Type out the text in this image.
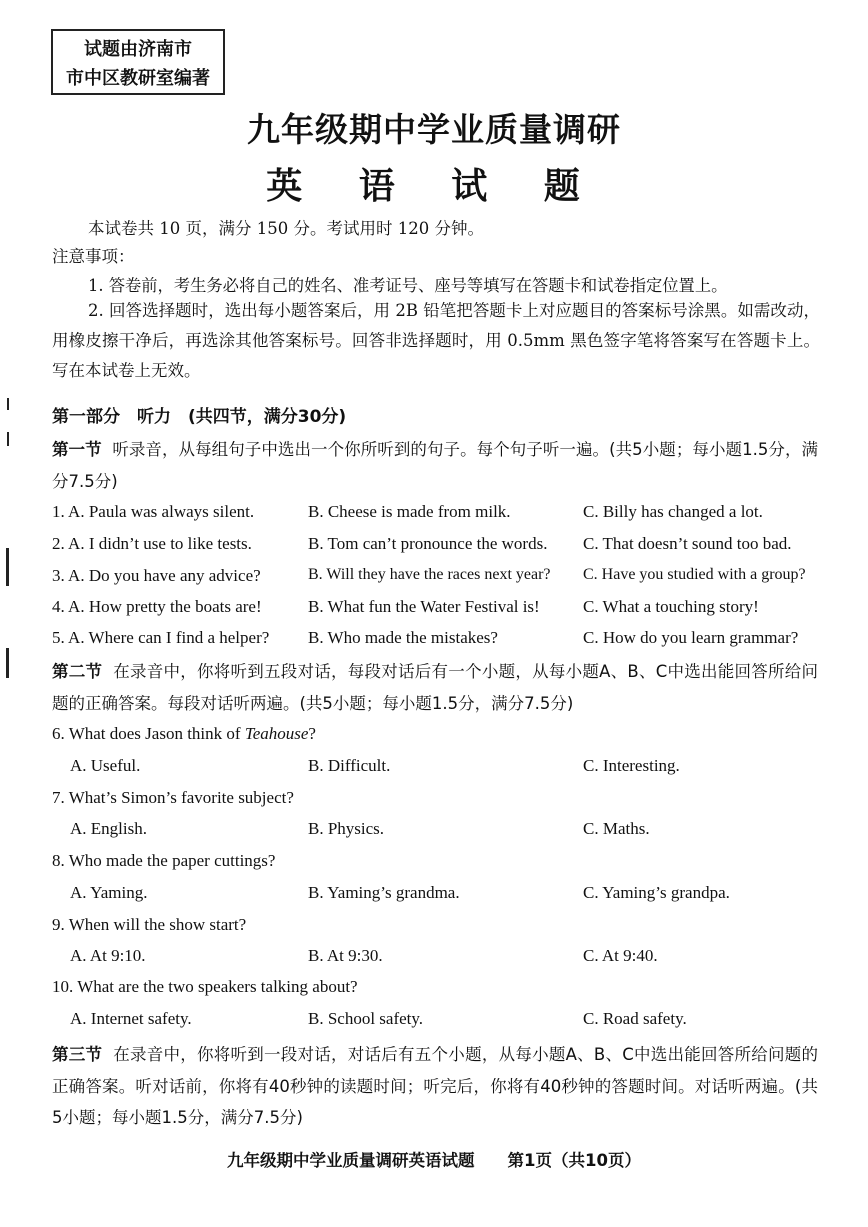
试题由济南市
市中区教研室编著
九年级期中学业质量调研
英 语 试 题
本试卷共 10 页，满分 150 分。考试用时 120 分钟。
注意事项：
1. 答卷前，考生务必将自己的姓名、准考证号、座号等填写在答题卡和试卷指定位置上。
2. 回答选择题时，选出每小题答案后，用 2B 铅笔把答题卡上对应题目的答案标号涂黑。如需改动，用橡皮擦干净后，再选涂其他答案标号。回答非选择题时，用 0.5mm 黑色签字笔将答案写在答题卡上。写在本试卷上无效。
第一部分　听力　(共四节，满分30分)
第一节 听录音，从每组句子中选出一个你所听到的句子。每个句子听一遍。(共5小题；每小题1.5分，满分7.5分)
1. A. Paula was always silent.	B. Cheese is made from milk.	C. Billy has changed a lot.
2. A. I didn’t use to like tests.	B. Tom can’t pronounce the words. C. That doesn’t sound too bad.
3. A. Do you have any advice?	B. Will they have the races next year? C. Have you studied with a group?
4. A. How pretty the boats are!	B. What fun the Water Festival is!	C. What a touching story!
5. A. Where can I find a helper? B. Who made the mistakes?	C. How do you learn grammar?
第二节 在录音中，你将听到五段对话，每段对话后有一个小题，从每小题A、B、C中选出能回答所给问题的正确答案。每段对话听两遍。(共5小题；每小题1.5分，满分7.5分)
6. What does Jason think of Teahouse?
A. Useful.	B. Difficult.	C. Interesting.
7. What’s Simon’s favorite subject?
A. English.	B. Physics.	C. Maths.
8. Who made the paper cuttings?
A. Yaming.	B. Yaming’s grandma.	C. Yaming’s grandpa.
9. When will the show start?
A. At 9:10.	B. At 9:30.	C. At 9:40.
10. What are the two speakers talking about?
A. Internet safety.	B. School safety.	C. Road safety.
第三节 在录音中，你将听到一段对话，对话后有五个小题，从每小题A、B、C中选出能回答所给问题的正确答案。听对话前，你将有40秒钟的读题时间；听完后，你将有40秒钟的答题时间。对话听两遍。(共5小题；每小题1.5分，满分7.5分)
九年级期中学业质量调研英语试题　　第1页（共10页）
